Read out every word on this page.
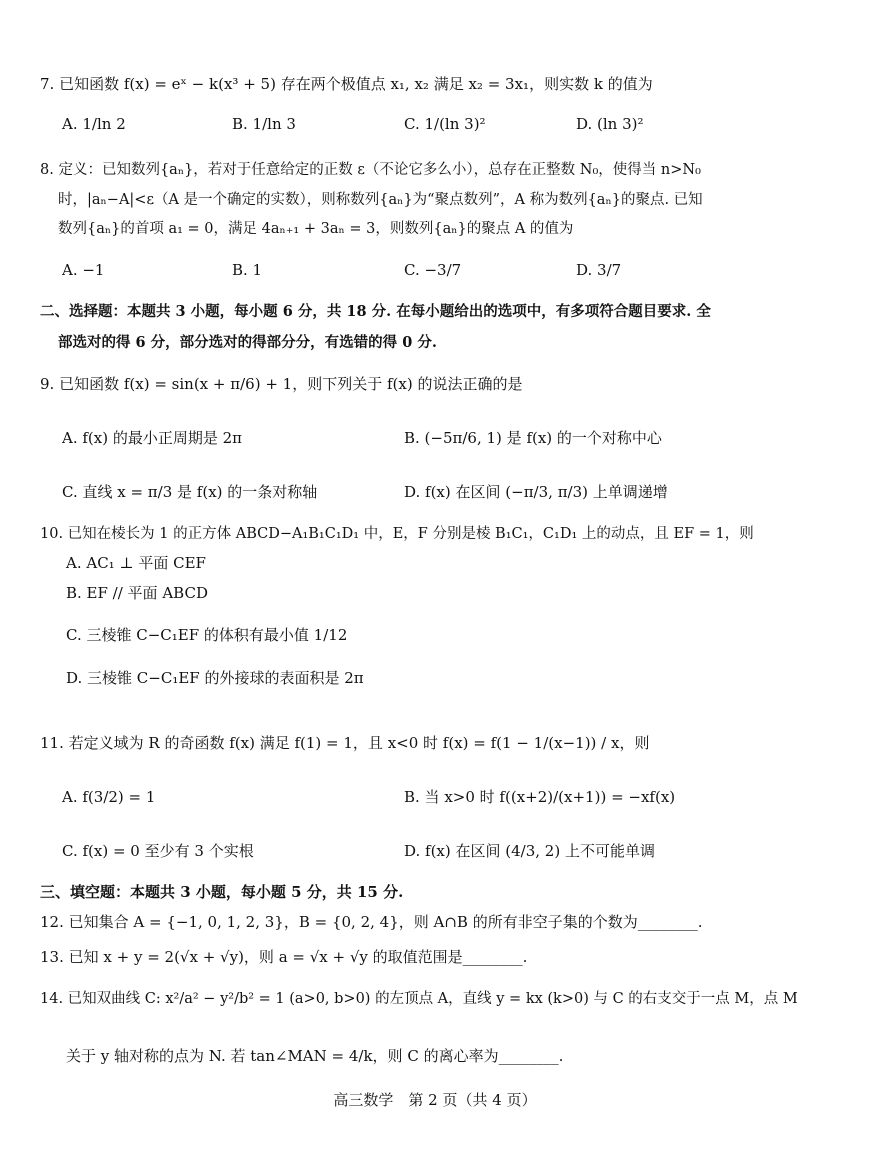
7. 已知函数 f(x) = eˣ − k(x³ + 5) 存在两个极值点 x₁, x₂ 满足 x₂ = 3x₁，则实数 k 的值为
A. 1/ln 2	B. 1/ln 3	C. 1/(ln 3)²	D. (ln 3)²
8. 定义：已知数列{aₙ}，若对于任意给定的正数 ε（不论它多么小），总存在正整数 N₀，使得当 n>N₀
时，|aₙ−A|<ε（A 是一个确定的实数），则称数列{aₙ}为“聚点数列”，A 称为数列{aₙ}的聚点. 已知
数列{aₙ}的首项 a₁ = 0，满足 4aₙ₊₁ + 3aₙ = 3，则数列{aₙ}的聚点 A 的值为
A. −1	B. 1	C. −3/7	D. 3/7
二、选择题：本题共 3 小题，每小题 6 分，共 18 分. 在每小题给出的选项中，有多项符合题目要求. 全
部选对的得 6 分，部分选对的得部分分，有选错的得 0 分.
9. 已知函数 f(x) = sin(x + π/6) + 1，则下列关于 f(x) 的说法正确的是
A. f(x) 的最小正周期是 2π	B. (−5π/6, 1) 是 f(x) 的一个对称中心
C. 直线 x = π/3 是 f(x) 的一条对称轴	D. f(x) 在区间 (−π/3, π/3) 上单调递增
10. 已知在棱长为 1 的正方体 ABCD−A₁B₁C₁D₁ 中，E，F 分别是棱 B₁C₁，C₁D₁ 上的动点，且 EF = 1，则
A. AC₁ ⊥ 平面 CEF
B. EF // 平面 ABCD
C. 三棱锥 C−C₁EF 的体积有最小值 1/12
D. 三棱锥 C−C₁EF 的外接球的表面积是 2π
11. 若定义域为 R 的奇函数 f(x) 满足 f(1) = 1，且 x<0 时 f(x) = f(1 − 1/(x−1)) / x，则
A. f(3/2) = 1	B. 当 x>0 时 f((x+2)/(x+1)) = −xf(x)
C. f(x) = 0 至少有 3 个实根	D. f(x) 在区间 (4/3, 2) 上不可能单调
三、填空题：本题共 3 小题，每小题 5 分，共 15 分.
12. 已知集合 A = {−1, 0, 1, 2, 3}，B = {0, 2, 4}，则 A∩B 的所有非空子集的个数为________.
13. 已知 x + y = 2(√x + √y)，则 a = √x + √y 的取值范围是________.
14. 已知双曲线 C: x²/a² − y²/b² = 1 (a>0, b>0) 的左顶点 A，直线 y = kx (k>0) 与 C 的右支交于一点 M，点 M
关于 y 轴对称的点为 N. 若 tan∠MAN = 4/k，则 C 的离心率为________.
高三数学　第 2 页（共 4 页）
